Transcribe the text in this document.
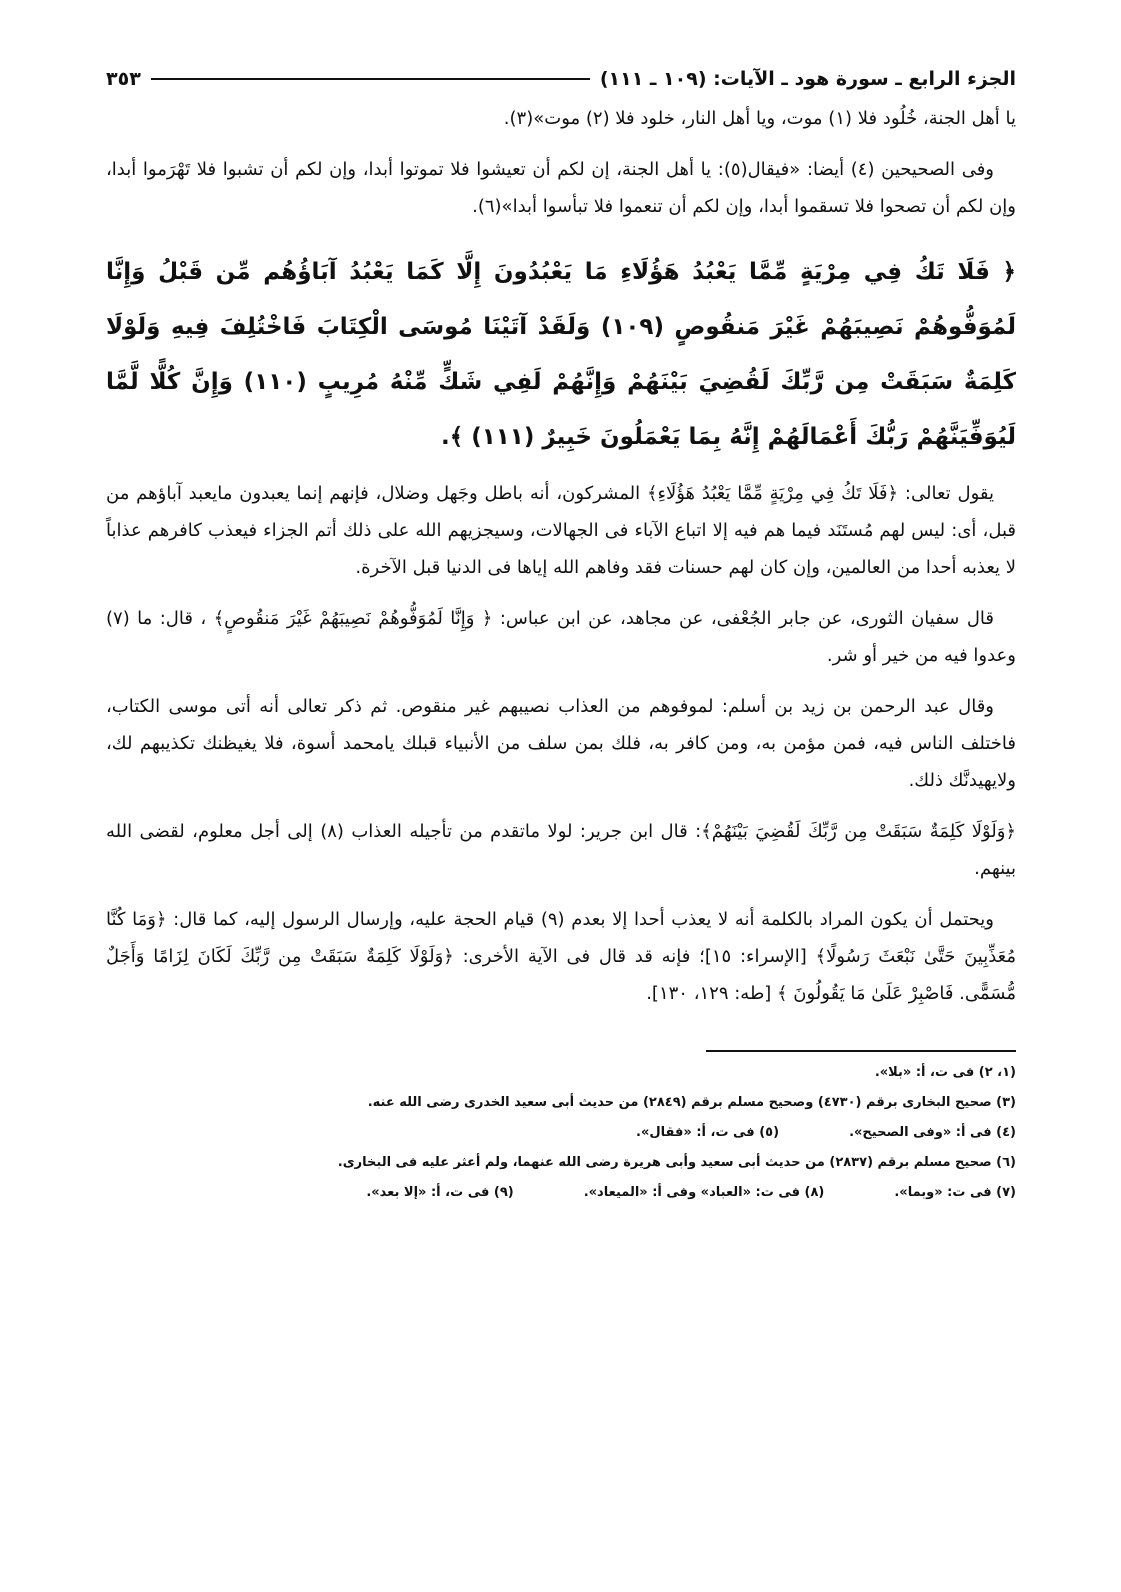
الجزء الرابع ـ سورة هود ـ الآيات: (١٠٩ ـ ١١١)
٣٥٣

يا أهل الجنة، خُلُود فلا (١) موت، ويا أهل النار، خلود فلا (٢) موت»(٣).

وفى الصحيحين (٤) أيضا: «فيقال(٥): يا أهل الجنة، إن لكم أن تعيشوا فلا تموتوا أبدا، وإن لكم أن تشبوا فلا تَهْرَموا أبدا، وإن لكم أن تصحوا فلا تسقموا أبدا، وإن لكم أن تنعموا فلا تبأسوا أبدا»(٦).

﴿ فَلَا تَكُ فِي مِرْيَةٍ مِّمَّا يَعْبُدُ هَؤُلَاءِ مَا يَعْبُدُونَ إِلَّا كَمَا يَعْبُدُ آبَاؤُهُم مِّن قَبْلُ وَإِنَّا لَمُوَفُّوهُمْ نَصِيبَهُمْ غَيْرَ مَنقُوصٍ (١٠٩) وَلَقَدْ آتَيْنَا مُوسَى الْكِتَابَ فَاخْتُلِفَ فِيهِ وَلَوْلَا كَلِمَةٌ سَبَقَتْ مِن رَّبِّكَ لَقُضِيَ بَيْنَهُمْ وَإِنَّهُمْ لَفِي شَكٍّ مِّنْهُ مُرِيبٍ (١١٠) وَإِنَّ كُلًّا لَّمَّا لَيُوَفِّيَنَّهُمْ رَبُّكَ أَعْمَالَهُمْ إِنَّهُ بِمَا يَعْمَلُونَ خَبِيرٌ (١١١) ﴾.

يقول تعالى: ﴿فَلَا تَكُ فِي مِرْيَةٍ مِّمَّا يَعْبُدُ هَؤُلَاءِ﴾ المشركون، أنه باطل وجَهل وضلال، فإنهم إنما يعبدون مايعبد آباؤهم من قبل، أى: ليس لهم مُستَنَد فيما هم فيه إلا اتباع الآباء فى الجهالات، وسيجزيهم الله على ذلك أتم الجزاء فيعذب كافرهم عذاباً لا يعذبه أحدا من العالمين، وإن كان لهم حسنات فقد وفاهم الله إياها فى الدنيا قبل الآخرة.

قال سفيان الثورى، عن جابر الجُعْفى، عن مجاهد، عن ابن عباس: ﴿ وَإِنَّا لَمُوَفُّوهُمْ نَصِيبَهُمْ غَيْرَ مَنقُوصٍ﴾ ، قال: ما (٧) وعدوا فيه من خير أو شر.

وقال عبد الرحمن بن زيد بن أسلم: لموفوهم من العذاب نصيبهم غير منقوص. ثم ذكر تعالى أنه أتى موسى الكتاب، فاختلف الناس فيه، فمن مؤمن به، ومن كافر به، فلك بمن سلف من الأنبياء قبلك يامحمد أسوة، فلا يغيظنك تكذيبهم لك، ولايهيدنَّك ذلك.

﴿وَلَوْلَا كَلِمَةٌ سَبَقَتْ مِن رَّبِّكَ لَقُضِيَ بَيْنَهُمْ﴾: قال ابن جرير: لولا ماتقدم من تأجيله العذاب (٨) إلى أجل معلوم، لقضى الله بينهم.

ويحتمل أن يكون المراد بالكلمة أنه لا يعذب أحدا إلا بعدم (٩) قيام الحجة عليه، وإرسال الرسول إليه، كما قال: ﴿وَمَا كُنَّا مُعَذِّبِينَ حَتَّىٰ نَبْعَثَ رَسُولًا﴾ [الإسراء: ١٥]؛ فإنه قد قال فى الآية الأخرى: ﴿وَلَوْلَا كَلِمَةٌ سَبَقَتْ مِن رَّبِّكَ لَكَانَ لِزَامًا وَأَجَلٌ مُّسَمًّى. فَاصْبِرْ عَلَىٰ مَا يَقُولُونَ ﴾ [طه: ١٢٩، ١٣٠].

(١، ٢) فى ت، أ: «بلا».
(٣) صحيح البخارى برقم (٤٧٣٠) وصحيح مسلم برقم (٢٨٤٩) من حديث أبى سعيد الخدرى رضى الله عنه.
(٤) فى أ: «وفى الصحيح».
(٥) فى ت، أ: «فقال».
(٦) صحيح مسلم برقم (٢٨٣٧) من حديث أبى سعيد وأبى هريرة رضى الله عنهما، ولم أعثر عليه فى البخارى.
(٧) فى ت: «وبما».
(٨) فى ت: «العباد» وفى أ: «الميعاد».
(٩) فى ت، أ: «إلا بعد».
